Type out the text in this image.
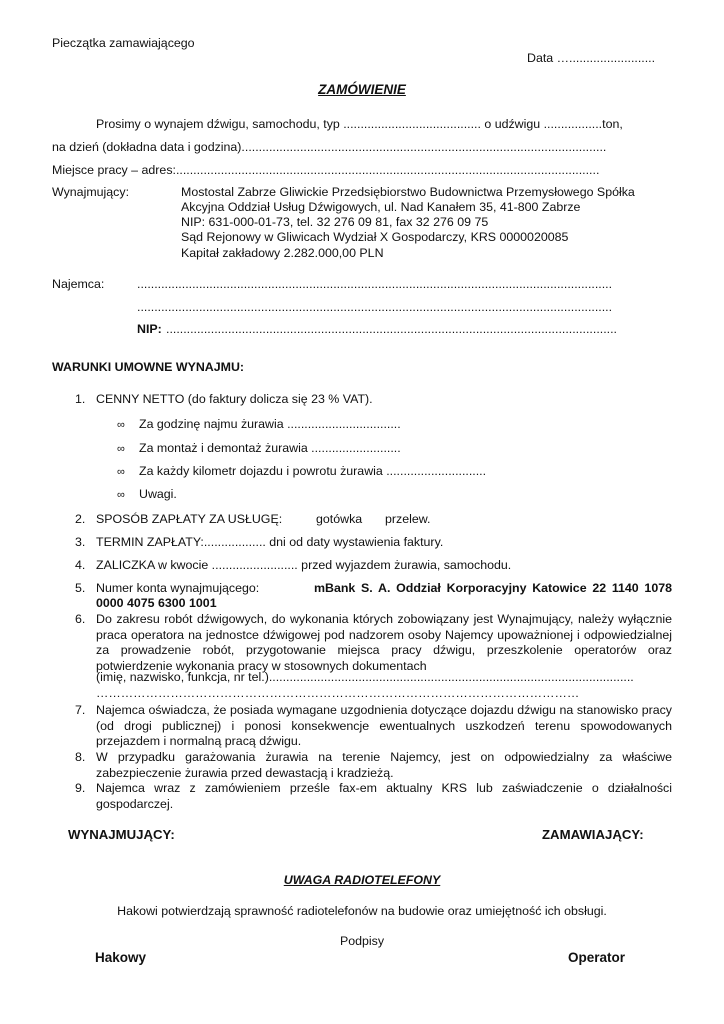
Pieczątka zamawiającego
Data ….........................
ZAMÓWIENIE
Prosimy o wynajem dźwigu, samochodu, typ ........................................ o udźwigu .................ton,
na dzień (dokładna data i godzina)..........................................................................................................
Miejsce pracy – adres:...........................................................................................................................
Wynajmujący:	Mostostal Zabrze Gliwickie Przedsiębiorstwo Budownictwa Przemysłowego Spółka
Akcyjna Oddział Usług Dźwigowych, ul. Nad Kanałem 35, 41-800 Zabrze
NIP: 631-000-01-73, tel. 32 276 09 81, fax 32 276 09 75
Sąd Rejonowy w Gliwicach Wydział X Gospodarczy, KRS 0000020085
Kapitał zakładowy 2.282.000,00 PLN
Najemca:	..........................................................................................................................................
..........................................................................................................................................
NIP: ...................................................................................................................................
WARUNKI UMOWNE WYNAJMU:
1. CENNY NETTO (do faktury dolicza się 23 % VAT).
∞ Za godzinę najmu żurawia .................................
∞ Za montaż i demontaż żurawia ..........................
∞ Za każdy kilometr dojazdu i powrotu żurawia .............................
∞ Uwagi.
2. SPOSÓB ZAPŁATY ZA USŁUGĘ:	gotówka przelew.
3. TERMIN ZAPŁATY:.................. dni od daty wystawienia faktury.
4. ZALICZKA w kwocie ......................... przed wyjazdem żurawia, samochodu.
5. Numer konta wynajmującego:	mBank S. A. Oddział Korporacyjny Katowice 22 1140 1078
0000 4075 6300 1001
6. Do zakresu robót dźwigowych, do wykonania których zobowiązany jest Wynajmujący, należy wyłącznie praca operatora na jednostce dźwigowej pod nadzorem osoby Najemcy upoważnionej i odpowiedzialnej za prowadzenie robót, przygotowanie miejsca pracy dźwigu, przeszkolenie operatorów oraz potwierdzenie wykonania pracy w stosownych dokumentach
(imię, nazwisko, funkcja, nr tel.)..........................................................................................................
………………………………………………………………………………………………………
7. Najemca oświadcza, że posiada wymagane uzgodnienia dotyczące dojazdu dźwigu na stanowisko pracy (od drogi publicznej) i ponosi konsekwencje ewentualnych uszkodzeń terenu spowodowanych przejazdem i normalną pracą dźwigu.
8. W przypadku garażowania żurawia na terenie Najemcy, jest on odpowiedzialny za właściwe zabezpieczenie żurawia przed dewastacją i kradzieżą.
9. Najemca wraz z zamówieniem prześle fax-em aktualny KRS lub zaświadczenie o działalności gospodarczej.
WYNAJMUJĄCY:	ZAMAWIAJĄCY:
UWAGA RADIOTELEFONY
Hakowi potwierdzają sprawność radiotelefonów na budowie oraz umiejętność ich obsługi.
Podpisy
Hakowy	Operator
